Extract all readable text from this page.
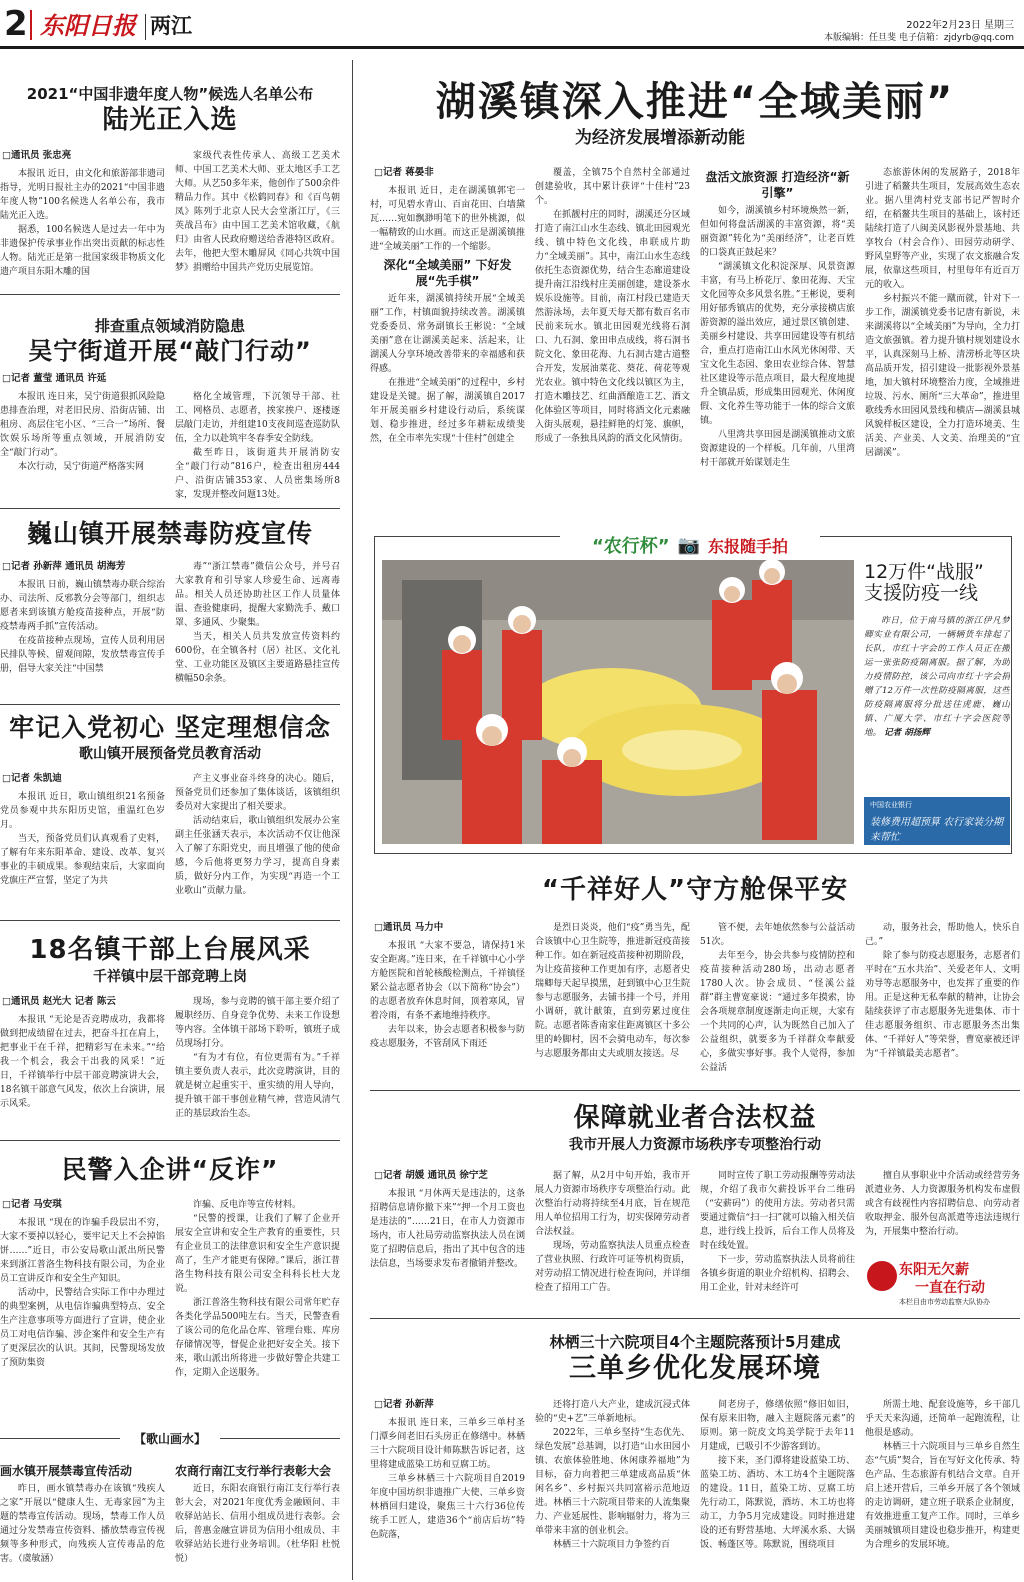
2 东阳日报 两江	2022年2月23日 星期三
本版编辑：任旦斐 电子信箱：zjdyrb@qq.com
2021“中国非遗年度人物”候选人名单公布
陆光正入选
□通讯员 张忠亮

本报讯 近日，由文化和旅游部非遗司指导，光明日报社主办的2021“中国非遗年度人物”100名候选人名单公布，我市陆光正入选。

据悉，100名候选人是过去一年中为非遗保护传承事业作出突出贡献的标志性人物。陆光正是第一批国家级非物质文化遗产项目东阳木雕的国

家级代表性传承人、高级工艺美术师、中国工艺美术大师、亚太地区手工艺大师。从艺50多年来，他创作了500余件精品力作。其中《松鹤同春》和《百鸟朝凤》陈列于北京人民大会堂浙江厅，《三英战吕布》由中国工艺美术馆收藏，《航归》由省人民政府赠送给香港特区政府。去年，他把大型木雕屏风《同心共筑中国梦》捐赠给中国共产党历史展览馆。

排查重点领域消防隐患
吴宁街道开展“敲门行动”
□记者 董莹 通讯员 许延

本报讯 连日来，吴宁街道狠抓风险隐患排查治理，对老旧民房、沿街店铺、出租房、高层住宅小区、“三合一”场所、餐饮娱乐场所等重点领域，开展消防安全“敲门行动”。

本次行动，吴宁街道严格落实网

格化全域管理，下沉领导干部、社工、网格员、志愿者，挨家挨户、逐楼逐层敲门走访，并组建10支夜间巡查巡防队伍，全力以赴筑牢冬春季安全防线。

截至昨日，该街道共开展消防安全“敲门行动”816户，检查出租房444户、沿街店铺353家、人员密集场所8家，发现并整改问题13处。

巍山镇开展禁毒防疫宣传
□记者 孙新萍 通讯员 胡海芳

本报讯 日前，巍山镇禁毒办联合综治办、司法所、反邪教分会等部门，组织志愿者来到该镇方舱疫苗接种点，开展“防疫禁毒两手抓”宣传活动。

在疫苗接种点现场，宣传人员利用居民排队等候、留观间隙，发放禁毒宣传手册，倡导大家关注“中国禁

毒”“浙江禁毒”微信公众号，并号召大家教育和引导家人珍爱生命、远离毒品。相关人员还协助社区工作人员量体温、查验健康码，提醒大家勤洗手、戴口罩、多通风、少聚集。

当天，相关人员共发放宣传资料约600份，在全镇各村（居）社区、文化礼堂、工业功能区及镇区主要道路悬挂宣传横幅50余条。

牢记入党初心 坚定理想信念
歌山镇开展预备党员教育活动
□记者 朱凯迪

本报讯 近日，歌山镇组织21名预备党员参观中共东阳历史馆，重温红色岁月。

当天，预备党员们认真观看了史料，了解有年来东阳革命、建设、改革、复兴事业的丰硕成果。参观结束后，大家面向党旗庄严宣誓，坚定了为共

产主义事业奋斗终身的决心。随后，预备党员们还参加了集体谈话，该镇组织委员对大家提出了相关要求。

活动结束后，歌山镇组织发展办公室副主任张涵天表示，本次活动不仅让他深入了解了东阳党史，而且增强了他的使命感，今后他将更努力学习，提高自身素质，做好分内工作，为实现“再造一个工业歌山”贡献力量。

18名镇干部上台展风采
千祥镇中层干部竞聘上岗
□通讯员 赵光大 记者 陈云

本报讯 “无论是否竞聘成功，我都将做到把成绩留在过去，把奋斗扛在肩上，把事业干在千祥，把精彩写在未来。”“给我一个机会，我会干出我的风采！”近日，千祥镇举行中层干部竞聘演讲大会，18名镇干部意气风发，依次上台演讲，展示风采。

现场，参与竞聘的镇干部主要介绍了履职经历、自身竞争优势、未来工作设想等内容。全体镇干部场下聆听，镇班子成员现场打分。

“有为才有位，有位更需有为。”千祥镇主要负责人表示，此次竞聘演讲，目的就是树立起重实干、重实绩的用人导向，提升镇干部干事创业精气神，营造风清气正的基层政治生态。

民警入企讲“反诈”
□记者 马安琪

本报讯 “现在的诈骗手段层出不穷，大家不要掉以轻心，要牢记天上不会掉馅饼……”近日，市公安局歌山派出所民警来到浙江普洛生物科技有限公司，为企业员工宣讲反诈和安全生产知识。

活动中，民警结合实际工作中办理过的典型案例，从电信诈骗典型特点、安全生产注意事项等方面进行了宣讲，使企业员工对电信诈骗、涉企案件和安全生产有了更深层次的认识。其间，民警现场发放了预防集资

诈骗、反电诈等宣传材料。

“民警的授课，让我们了解了企业开展安全宣讲和安全生产教育的重要性，只有企业员工的法律意识和安全生产意识提高了，生产才能更有保障。”课后，浙江普洛生物科技有限公司安全科科长杜大龙说。

浙江普洛生物科技有限公司常年贮存各类化学品500吨左右。当天，民警查看了该公司的危化品仓库、管理台账、库房存储情况等，督促企业把好安全关。接下来，歌山派出所将进一步做好警企共建工作，定期入企送服务。

【歌山画水】
画水镇开展禁毒宣传活动

昨日，画水镇禁毒办在该镇“残疾人之家”开展以“健康人生、无毒家园”为主题的禁毒宣传活动。现场，禁毒工作人员通过分发禁毒宣传资料、播放禁毒宣传视频等多种形式，向残疾人宣传毒品的危害。（虞敏涵）

农商行南江支行举行表彰大会

近日，东阳农商银行南江支行举行表彰大会，对2021年度优秀金融顾问、丰收驿站站长、信用小组成员进行表彰。会后，普惠金融宣讲员为信用小组成员、丰收驿站站长进行业务培训。（杜华阳 杜悦悦）

湖溪镇深入推进“全域美丽”
为经济发展增添新动能
□记者 蒋晏非

本报讯 近日，走在湖溪镇郭宅一村，可见碧水青山、百亩花田、白墙黛瓦……宛如飘渺明笔下的世外桃源，似一幅精致的山水画。而这正是湖溪镇推进“全域美丽”工作的一个缩影。

深化“全域美丽” 下好发展“先手棋”

近年来，湖溪镇持续开展“全域美丽”工作，村镇面貌持续改善。湖溪镇党委委员、常务副镇长王彬说：“全域美丽”意在让湖溪美起来、活起来，让湖溪人分享环境改善带来的幸福感和获得感。

在推进“全域美丽”的过程中，乡村建设是关键。据了解，湖溪镇自2017年开展美丽乡村建设行动后，系统谋划、稳步推进，经过多年耕耘成绩斐然，在全市率先实现“十佳村”创建全

覆盖，全镇75个自然村全部通过创建验收，其中累计获评“十佳村”23个。

在抓靓村庄的同时，湖溪还分区域打造了南江山水生态线、镇北田园观光线、镇中特色文化线，串联成片助力“全域美丽”。其中，南江山水生态线依托生态资源优势，结合生态廊道建设提升南江沿线村庄美丽创建，建设茶水娱乐设施等。目前，南江村段已建造天然游泳场，去年夏天每天都有数百名市民前来玩水。镇北田园观光线将石洞口、九石洞、象田串点成线，将石洞书院文化、象田花海、九石洞古建古道整合开发，发展油菜花、葵花、荷花等观光农业。镇中特色文化线以镇区为主，打造木雕技艺、红曲酒酿造工艺、酒文化体验区等项目，同时将酒文化元素融入街头展观，悬挂鲜艳的灯笼、旗帜，形成了一条独具风韵的酒文化风情街。

盘活文旅资源 打造经济“新引擎”

如今，湖溪镇乡村环境焕然一新，但如何将盘活湖溪的丰富资源，将“美丽资源”转化为“美丽经济”，让老百姓的口袋真正鼓起来？

“湖溪镇文化积淀深厚、风景资源丰富，有马上桥花厅、象田花海、天宝文化园等众多风景名胜。”王彬说，要利用好郁秀镇店的优势，充分承接横店旅游资源的溢出效应，通过景区镇创建、美丽乡村建设、共享田园建设等有机结合，重点打造南江山水风光休闲带、天宝文化生态园、象田农业综合体、智慧社区建设等示范点项目，最大程度地提升全镇品质，形成集田园观光、休闲度假、文化养生等功能于一体的综合文旅镇。

八里湾共享田园是湖溪镇推动文旅资源建设的一个样板。几年前，八里湾村干部就开始谋划走生

态旅游休闲的发展路子，2018年引进了稻鳌共生项目，发展高效生态农业。据八里湾村党支部书记严智时介绍，在稻鳌共生项目的基础上，该村还陆续打造了八闽美风影视外景基地、共享牧台（村会合作）、田园劳动研学、野风皇野等产业，实现了农文旅融合发展，依靠这些项目，村里每年有近百万元的收入。

乡村振兴不能一蹴而就，针对下一步工作，湖溪镇党委书记唐有新说，未来湖溪将以“全域美丽”为导向，全力打造文旅强镇。着力提升镇村规划建设水平，认真深刻马上桥、清涝桥北等区块高品质开发，招引建设一批影视外景基地，加大镇村环境整治力度，全域推进垃圾、污水、厕所“三大革命”，推进里歌线秀水田园风景线和横店—湖溪县城风貌样板区建设，全力打造环境美、生活美、产业美、人文美、治理美的“宜居湖溪”。

“农行杯” 📷 东报随手拍
12万件“战服”
支援防疫一线

昨日，位于南马镇的浙江伊凡梦卿实业有限公司，一辆辆货车排起了长队，市红十字会的工作人员正在搬运一张张防疫隔离服。据了解，为助力疫情防控，该公司向市红十字会捐赠了12万件一次性防疫隔离服，这些防疫隔离服将分批送往虎鹿、巍山镇、广厦大学、市红十字会医院等地。 记者 胡扬辉

中国农业银行
装修费用超预算 农行家装分期来帮忙
“千祥好人”守方舱保平安
□通讯员 马力中

本报讯 “大家不要急，请保持1米安全距离。”连日来，在千祥镇中心小学方舱医院和首轮核酸检测点，千祥镇怪紧公益志愿者协会（以下简称“协会”）的志愿者放弃休息时间，顶着寒风，冒着冷雨，有条不紊地维持秩序。

去年以来，协会志愿者积极参与防疫志愿服务，不管刮风下雨还

是烈日炎炎，他们“疫”勇当先，配合该镇中心卫生院等，推进新冠疫苗接种工作。如在新冠疫苗接种初期阶段，为让疫苗接种工作更加有序，志愿者史瑞卿每天起早摸黑，赶到镇中心卫生院参与志愿服务，去铺书排一个号，并用小调研，就计献策，直到劳累过度住院。志愿者陈香南家住距离镇区十多公里的岭脚村，因不会骑电动车，每次参与志愿服务都由丈夫或朋友接送。尽

管不便，去年她依然参与公益活动51次。

去年至今，协会共参与疫情防控和疫苗接种活动280场，出动志愿者1780人次。协会成员、“怪溪公益群”群主曹宽豪说：“通过多年摸索，协会各项规章制度逐渐走向正规，大家有一个共同的心声，认为既然自己加入了公益组织，就要多为千祥群众奉献爱心，多做实事好事。我个人觉得，参加公益活

动，服务社会，帮助他人，快乐自己。”

除了参与防疫志愿服务，志愿者们平时在“五水共治”、关爱老年人、文明劝导等志愿服务中，也发挥了重要的作用。正是这种无私奉献的精神，让协会陆续获评了市志愿服务先进集体、市十佳志愿服务组织、市志愿服务杰出集体、“千祥好人”等荣誉，曹宽豪被还评为“千祥镇最美志愿者”。

保障就业者合法权益
我市开展人力资源市场秩序专项整治行动
□记者 胡媛 通讯员 徐宁芝

本报讯 “月休两天是违法的，这条招聘信息请你撤下来”“押一个月工资也是违法的”……21日，在市人力资源市场内，市人社局劳动监察执法人员在浏览了招聘信息后，指出了其中包含的违法信息，当场要求发布者撤销并整改。

据了解，从2月中旬开始，我市开展人力资源市场秩序专项整治行动。此次整治行动将持续至4月底，旨在规范用人单位招用工行为，切实保障劳动者合法权益。

现场，劳动监察执法人员重点检查了营业执照、行政许可证等机构资质，对劳动招工情况进行检查询问，并详细检查了招用工广告。

同时宣传了职工劳动报酬等劳动法规，介绍了我市欠薪投诉平台二维码（“安薪码”）的使用方法。劳动者只需要通过微信“扫一扫”就可以输入相关信息，进行线上投诉，后台工作人员将及时在线处置。

下一步，劳动监察执法人员将前往各镇乡街道的职业介绍机构、招聘会、用工企业，针对未经许可

擅自从事职业中介活动或经营劳务派遣业务、人力资源服务机构发布虚假或含有歧视性内容招聘信息、向劳动者收取押金、服外包高派遣等违法违规行为，开展集中整治行动。

东阳无欠薪
一直在行动
本栏目由市劳动监察大队协办
林栖三十六院项目4个主题院落预计5月建成
三单乡优化发展环境
□记者 孙新萍

本报讯 连日来，三单乡三单村圣门潭乡间老旧石头房正在修缮中。林栖三十六院项目设计师陈默告诉记者，这里将建成蓝染工坊和豆腐工坊。

三单乡林栖三十六院项目自2019年度中国坊织非遗推广大使、三单乡资林栖回归建设，聚焦三十六行36位传统手工匠人，建造36个“前店后坊”特色院落，

还将打造八大产业，建成沉浸式体验的“史+艺”三单新地标。

2022年，三单乡坚持“生态优先、绿色发展”总基调，以打造“山水田园小镇、农旅体验胜地、休闲康养福地”为目标，奋力向着把三单建成高品质“休闲名乡”、乡村振兴共同富裕示范地迈进。林栖三十六院项目带来的人流集聚力、产业延展性、影响辐射力，将为三单带来丰富的创业机会。

林栖三十六院项目力争签约百

间老房子，修缮依照“修旧如旧，保有原来旧物，融入主题院落元素”的原则。第一院皮文坞美学院于去年11月建成，已吸引不少游客到访。

接下来，圣门潭将建设蓝染工坊、蓝染工坊、酒坊、木工坊4个主题院落的建设。11日，蓝染工坊、豆腐工坊先行动工，陈默说，酒坊、木工坊也将动工，力争5月完成建设。同时推进建设的还有野营基地、大坪溪水系、大锅饭、畅蓬区等。陈默说，围绕项目

所需土地、配套设施等，乡干部几乎天天来沟通，还简单一起跑流程，让他很是感动。

林栖三十六院项目与三单乡自然生态“气质”契合，旨在写好文化传承、特色产品、生态旅游有机结合文章。自开启上述开营后，三单乡开展了各个领域的走访调研，建立班子联系企业制度，有效推进重工复产工作。同时，三单乡美丽城镇项目建设也稳步推开，构建更为合理乡的发展环境。
